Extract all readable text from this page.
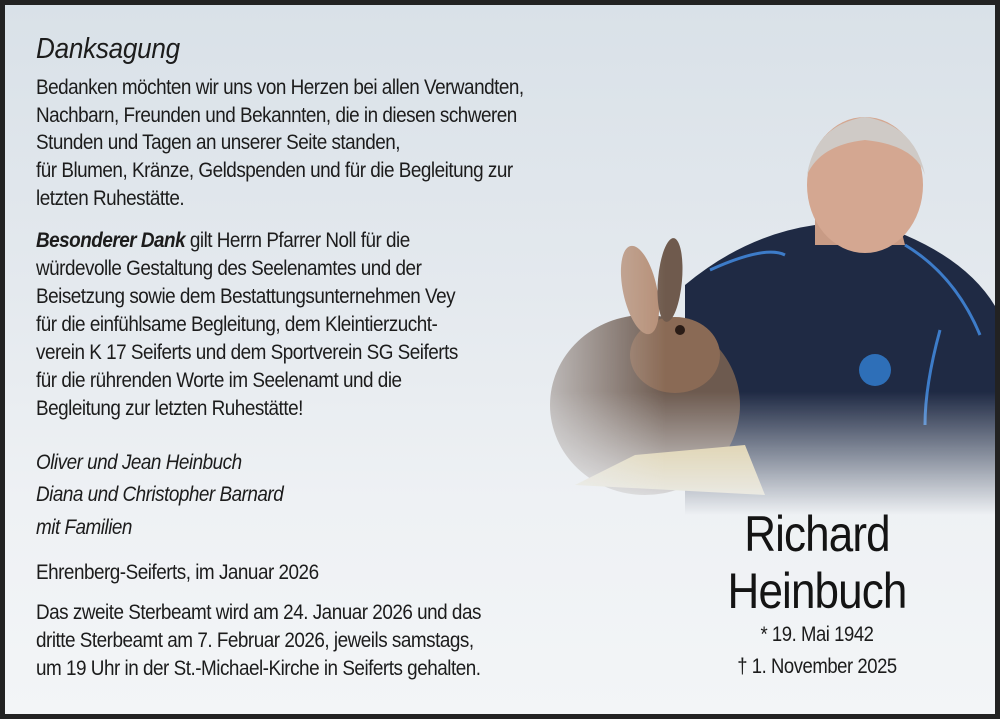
Danksagung
Bedanken möchten wir uns von Herzen bei allen Verwandten,
Nachbarn, Freunden und Bekannten, die in diesen schweren
Stunden und Tagen an unserer Seite standen,
für Blumen, Kränze, Geldspenden und für die Begleitung zur
letzten Ruhestätte.
Besonderer Dank gilt Herrn Pfarrer Noll für die
würdevolle Gestaltung des Seelenamtes und der
Beisetzung sowie dem Bestattungsunternehmen Vey
für die einfühlsame Begleitung, dem Kleintierzucht-
verein K 17 Seiferts und dem Sportverein SG Seiferts
für die rührenden Worte im Seelenamt und die
Begleitung zur letzten Ruhestätte!
Oliver und Jean Heinbuch
Diana und Christopher Barnard
mit Familien
Ehrenberg-Seiferts, im Januar 2026
Das zweite Sterbeamt wird am 24. Januar 2026 und das
dritte Sterbeamt am 7. Februar 2026, jeweils samstags,
um 19 Uhr in der St.-Michael-Kirche in Seiferts gehalten.
Richard
Heinbuch
* 19. Mai 1942
† 1. November 2025
